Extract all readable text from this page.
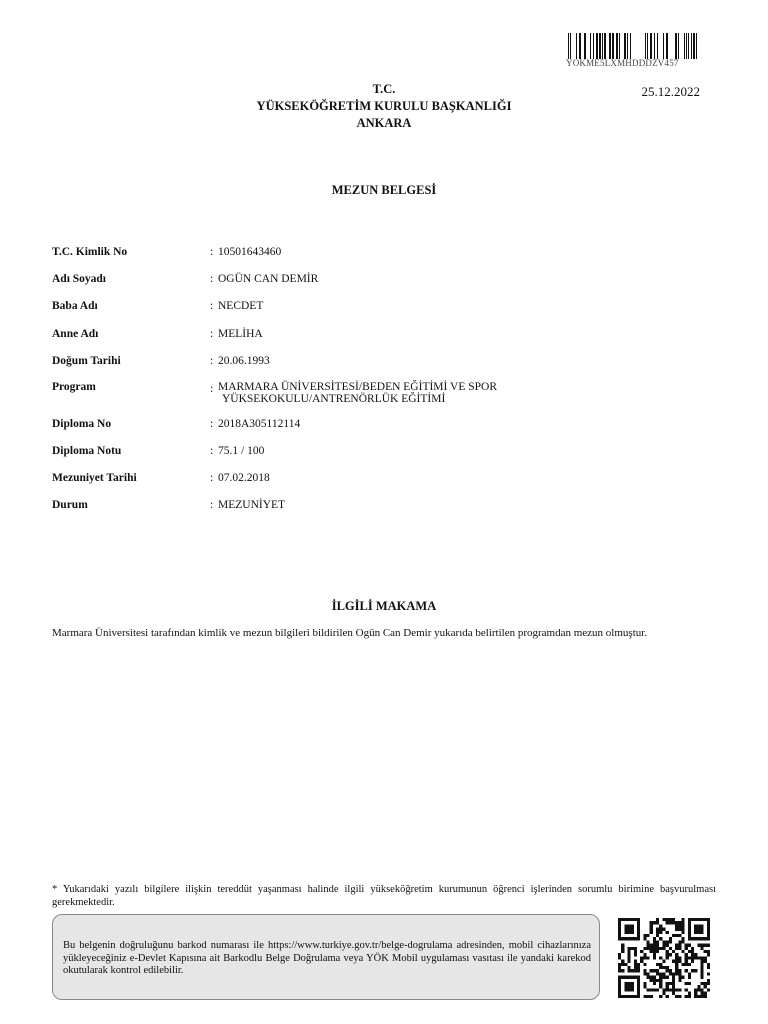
YOKME5LXMHDDDZV457
25.12.2022
T.C.
YÜKSEKÖĞRETİM KURULU BAŞKANLIĞI
ANKARA
MEZUN BELGESİ
T.C. Kimlik No	: 10501643460
Adı Soyadı	: OGÜN CAN DEMİR
Baba Adı	: NECDET
Anne Adı	: MELİHA
Doğum Tarihi	: 20.06.1993
Program	: MARMARA ÜNİVERSİTESİ/BEDEN EĞİTİMİ VE SPOR
YÜKSEKOKULU/ANTRENÖRLÜK EĞİTİMİ
Diploma No	: 2018A305112114
Diploma Notu	: 75.1 / 100
Mezuniyet Tarihi	: 07.02.2018
Durum	: MEZUNİYET
İLGİLİ MAKAMA
Marmara Üniversitesi tarafından kimlik ve mezun bilgileri bildirilen Ogün Can Demir yukarıda belirtilen programdan mezun olmuştur.
* Yukarıdaki yazılı bilgilere ilişkin tereddüt yaşanması halinde ilgili yükseköğretim kurumunun öğrenci işlerinden sorumlu birimine başvurulması gerekmektedir.
Bu belgenin doğruluğunu barkod numarası ile https://www.turkiye.gov.tr/belge-dogrulama adresinden, mobil cihazlarınıza yükleyeceğiniz e-Devlet Kapısına ait Barkodlu Belge Doğrulama veya YÖK Mobil uygulaması vasıtası ile yandaki karekod okutularak kontrol edilebilir.
